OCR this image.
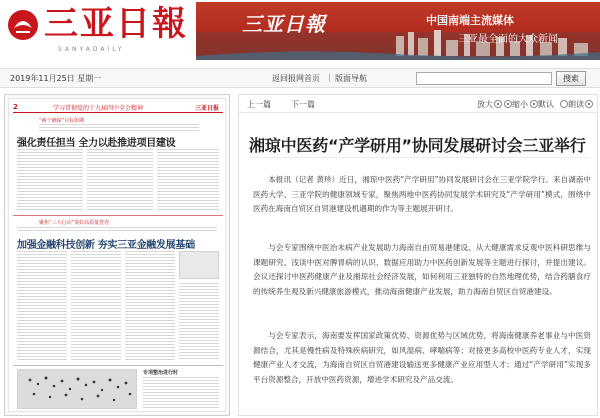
三亚日報
SANYADAILY
三亚日報	中国南端主流媒体
三亚最全面的大众新闻
2019年11月25日 星期一	返回报网首页 | 版面导航	搜索
2	学习贯彻党的十九届四中全会精神	三亚日报
“两个确保”目标如期
强化责任担当 全力以赴推进项目建设
聚焦“三大行动”奏好高质量答卷
加强金融科技创新 夯实三亚金融发展基础
专项整治进行时
上一篇	下一篇	放大	缩小	默认	朗读
湘琼中医药“产学研用”协同发展研讨会三亚举行

本报讯（记者 黄珍）近日，湘琼中医药“产学研用”协同发展研讨会在三亚学院学行。来自湖南中医药大学、三亚学院的健康领域专家，聚焦两地中医药协同发展学术研究及“产学研用”模式，围绕中医药在海南自贸区自贸港建设机遇期的作为等主题展开研讨。

与会专家围绕中医治未病产业发展助力海南自由贸易港建设、从大健康需求反观中医科研思维与课题研究、浅谈中医对脾胃病的认识、数据应用助力中医药创新发展等主题进行探讨，并提出建议。会议还探讨中医药健康产业及湘琼社会经济发展，如何利用三亚独特的自然地理优势，结合药膳食疗的传统养生观及新兴健康旅游模式，推动海南健康产业发展，助力海南自贸区自贸港建设。

与会专家表示，海南要发挥国家政策优势、资源优势与区域优势，将海南健康养老事业与中医资源结合，尤其是慢性病及特殊疾病研究，如风湿病、哮喘病等；对接更多高校中医药专业人才，实现健康产业人才交流，为海南自贸区自贸港建设输送更多健康产业应用型人才；通过“产学研用”实现多平台资源整合，开放中医药资源，增进学术研究及产品交流。
